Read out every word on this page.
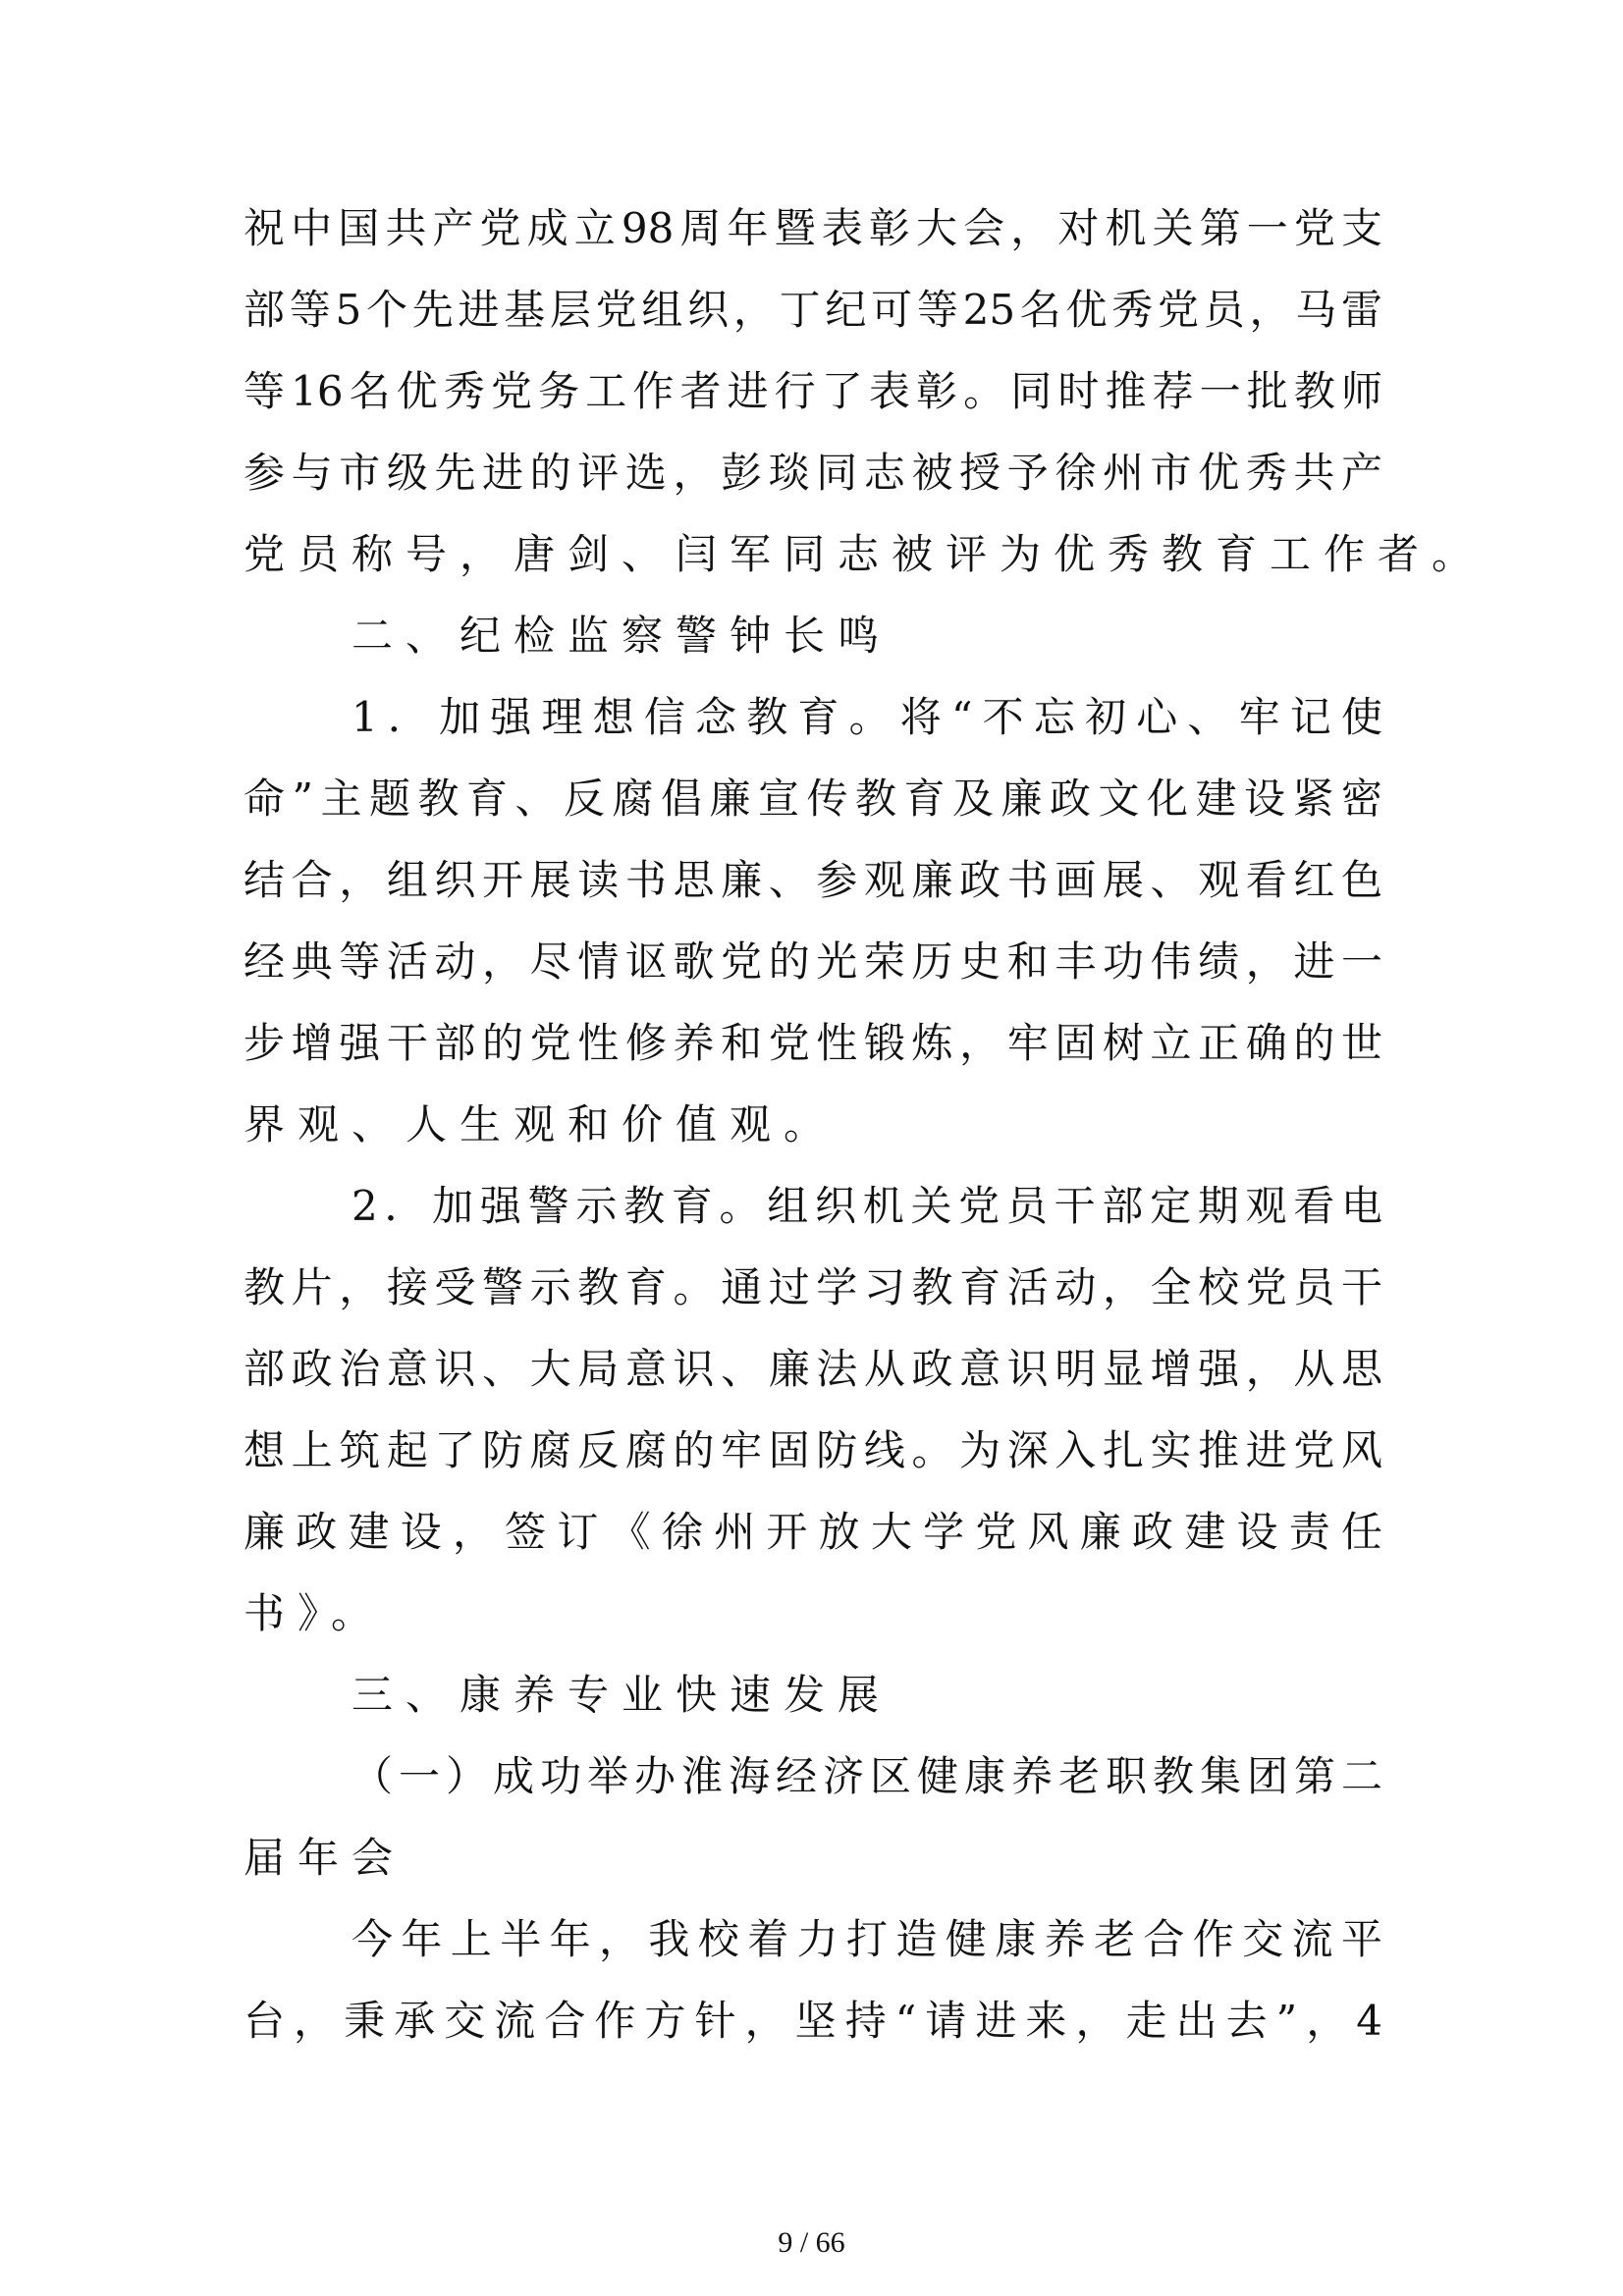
祝中国共产党成立98周年暨表彰大会，对机关第一党支
部等5个先进基层党组织，丁纪可等25名优秀党员，马雷
等16名优秀党务工作者进行了表彰。同时推荐一批教师
参与市级先进的评选，彭琰同志被授予徐州市优秀共产
党员称号，唐剑、闫军同志被评为优秀教育工作者。
二、纪检监察警钟长鸣
1．加强理想信念教育。将“不忘初心、牢记使
命”主题教育、反腐倡廉宣传教育及廉政文化建设紧密
结合，组织开展读书思廉、参观廉政书画展、观看红色
经典等活动，尽情讴歌党的光荣历史和丰功伟绩，进一
步增强干部的党性修养和党性锻炼，牢固树立正确的世
界观、人生观和价值观。
2．加强警示教育。组织机关党员干部定期观看电
教片，接受警示教育。通过学习教育活动，全校党员干
部政治意识、大局意识、廉法从政意识明显增强，从思
想上筑起了防腐反腐的牢固防线。为深入扎实推进党风
廉政建设，签订《徐州开放大学党风廉政建设责任
书》。
三、康养专业快速发展
（一）成功举办淮海经济区健康养老职教集团第二
届年会
今年上半年，我校着力打造健康养老合作交流平
台，秉承交流合作方针，坚持“请进来，走出去”，4
9 / 66
